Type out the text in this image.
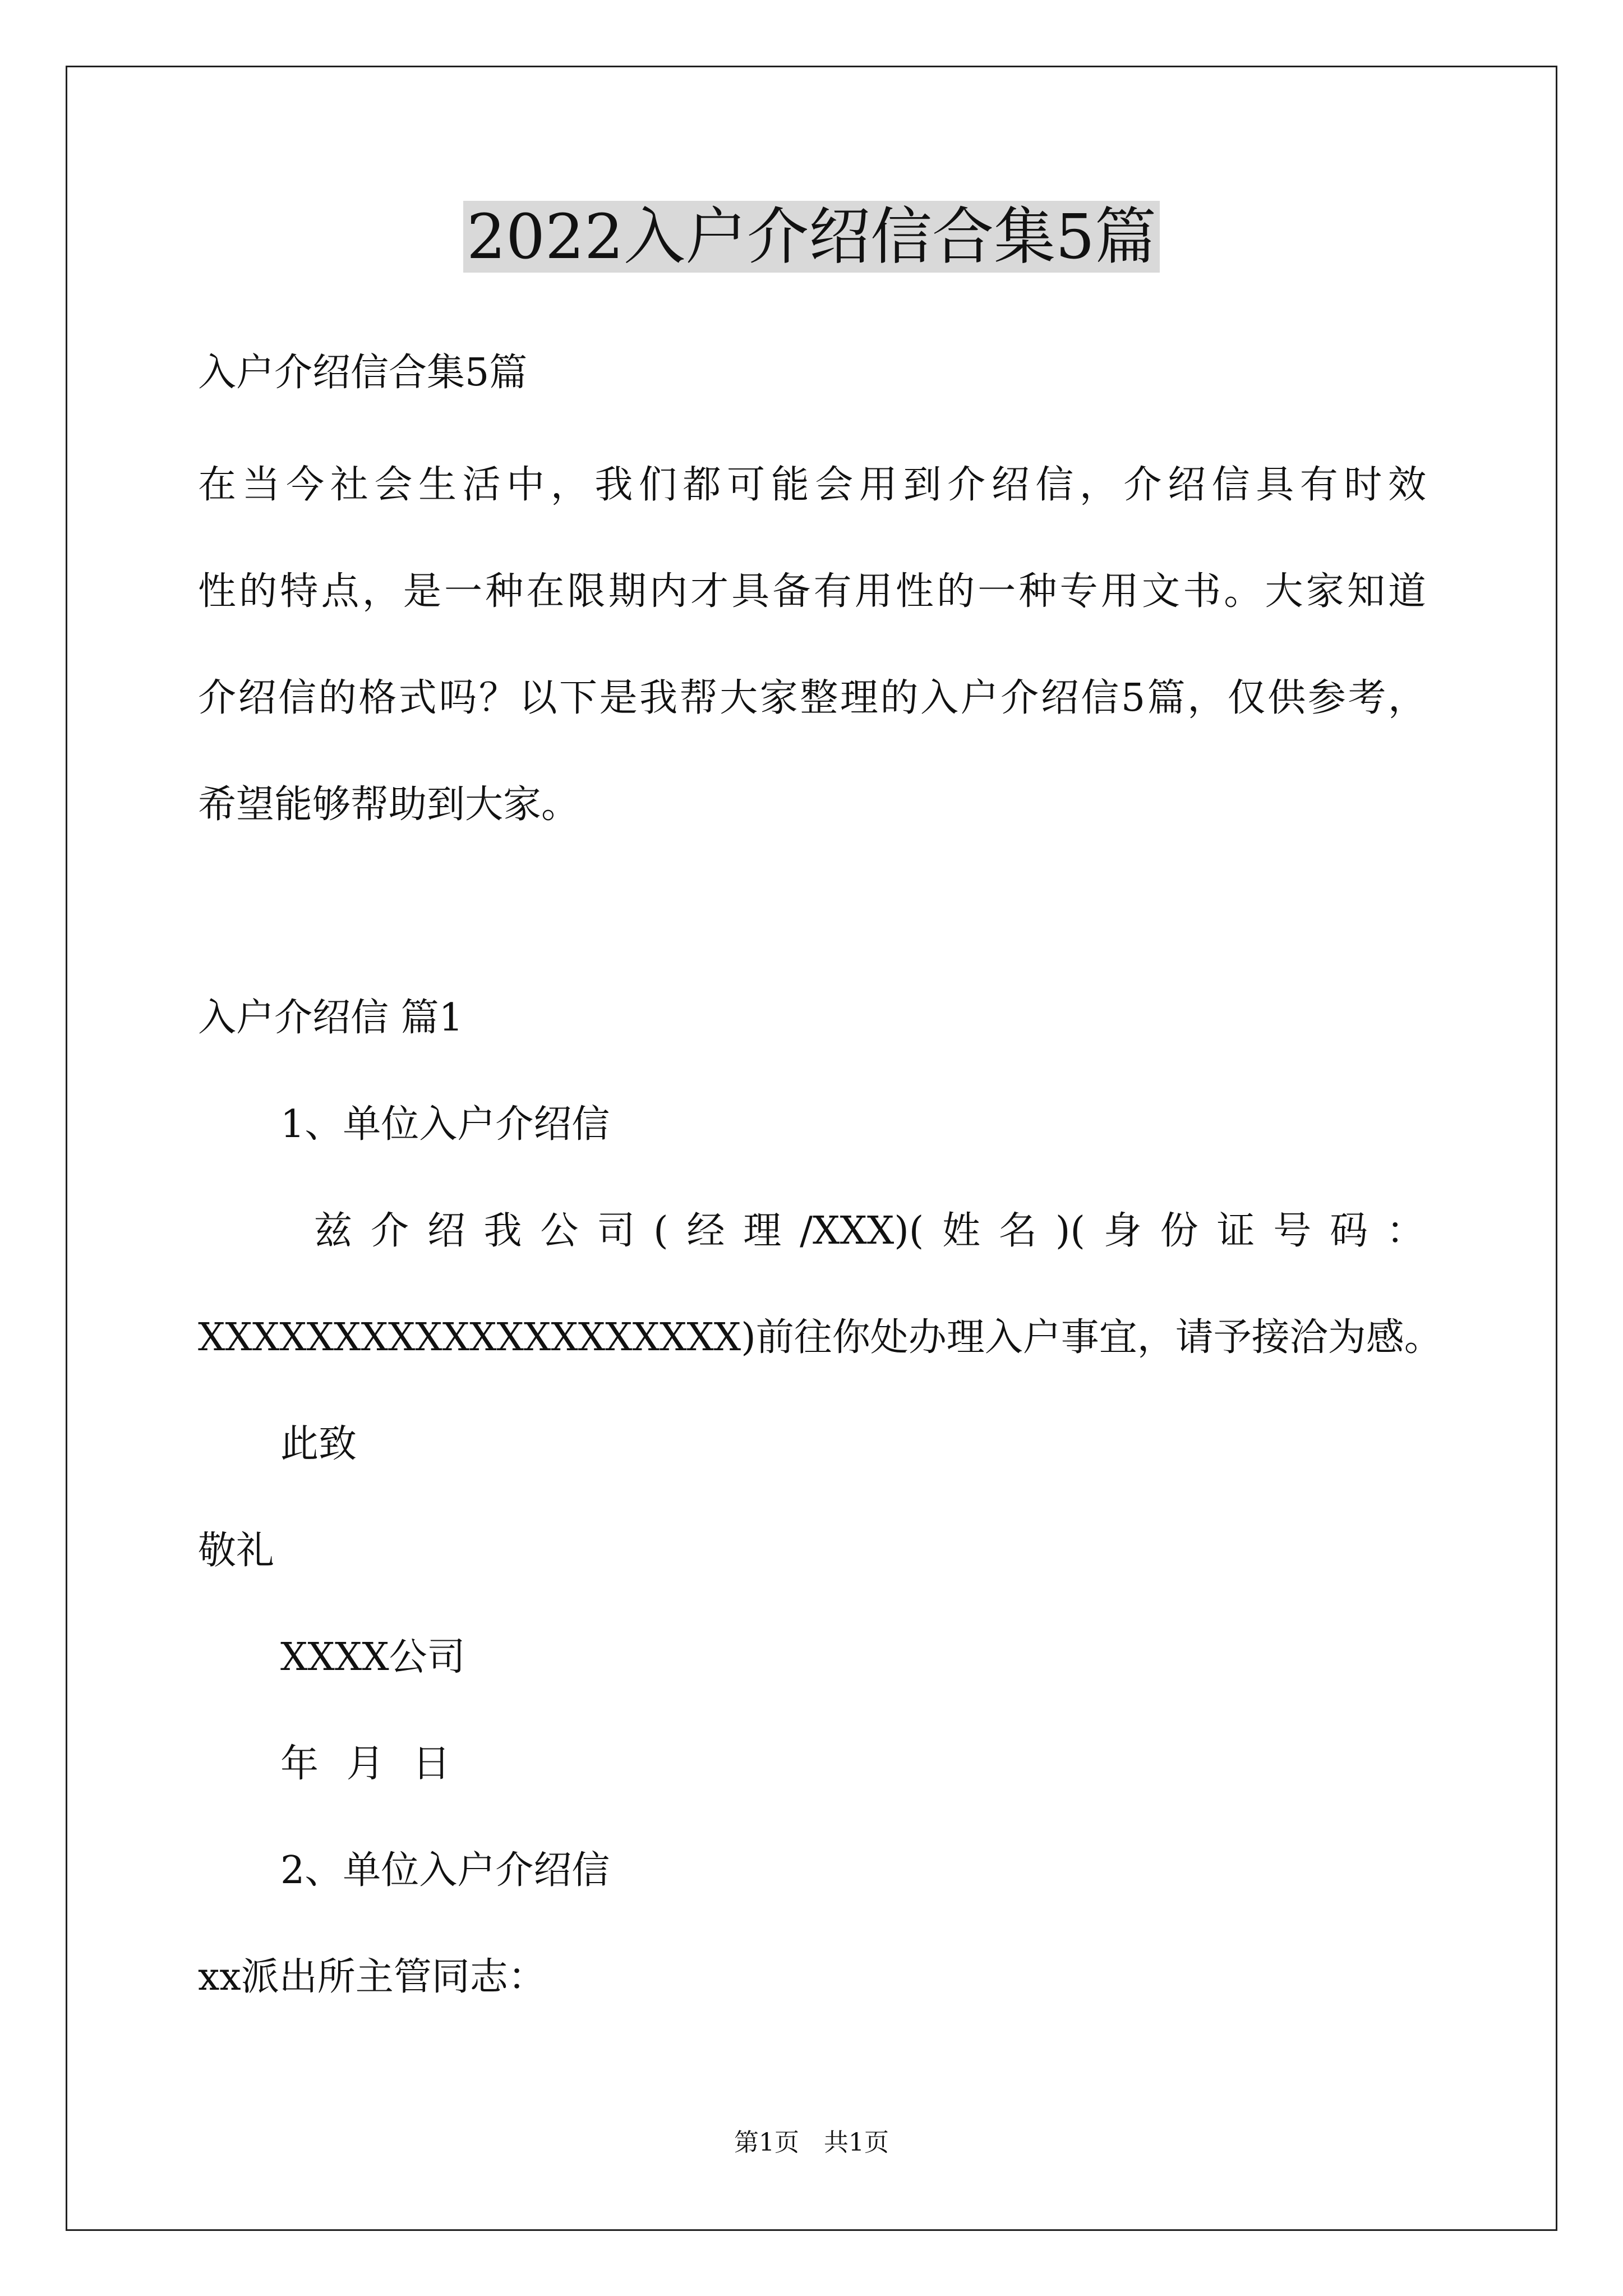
2022入户介绍信合集5篇
入户介绍信合集5篇
在当今社会生活中，我们都可能会用到介绍信，介绍信具有时效
性的特点，是一种在限期内才具备有用性的一种专用文书。大家知道
介绍信的格式吗？以下是我帮大家整理的入户介绍信5篇，仅供参考，
希望能够帮助到大家。
入户介绍信 篇1
1、单位入户介绍信
兹介绍我公司(经理/XXX)(姓名)(身份证号码：
XXXXXXXXXXXXXXXXXXXX)前往你处办理入户事宜，请予接洽为感。
此致
敬礼
XXXX公司
年 月 日
2、单位入户介绍信
xx派出所主管同志：
第1页　共1页
